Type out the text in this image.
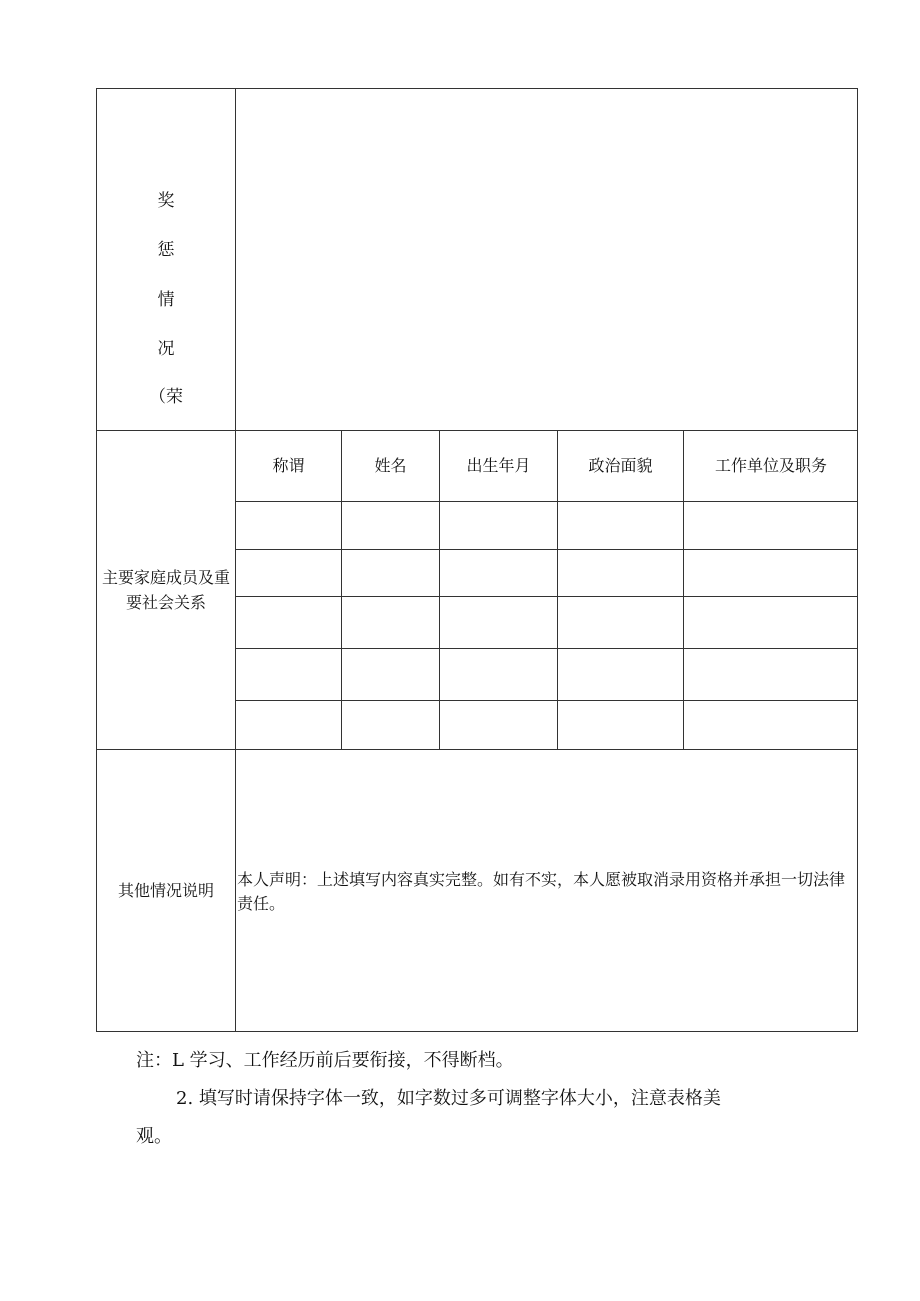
奖
惩
情
况
（荣
主要家庭成员及重要社会关系
称谓	姓名	出生年月	政治面貌	工作单位及职务
其他情况说明
本人声明：上述填写内容真实完整。如有不实，本人愿被取消录用资格并承担一切法律责任。
注：L 学习、工作经历前后要衔接，不得断档。
2. 填写时请保持字体一致，如字数过多可调整字体大小，注意表格美
观。
